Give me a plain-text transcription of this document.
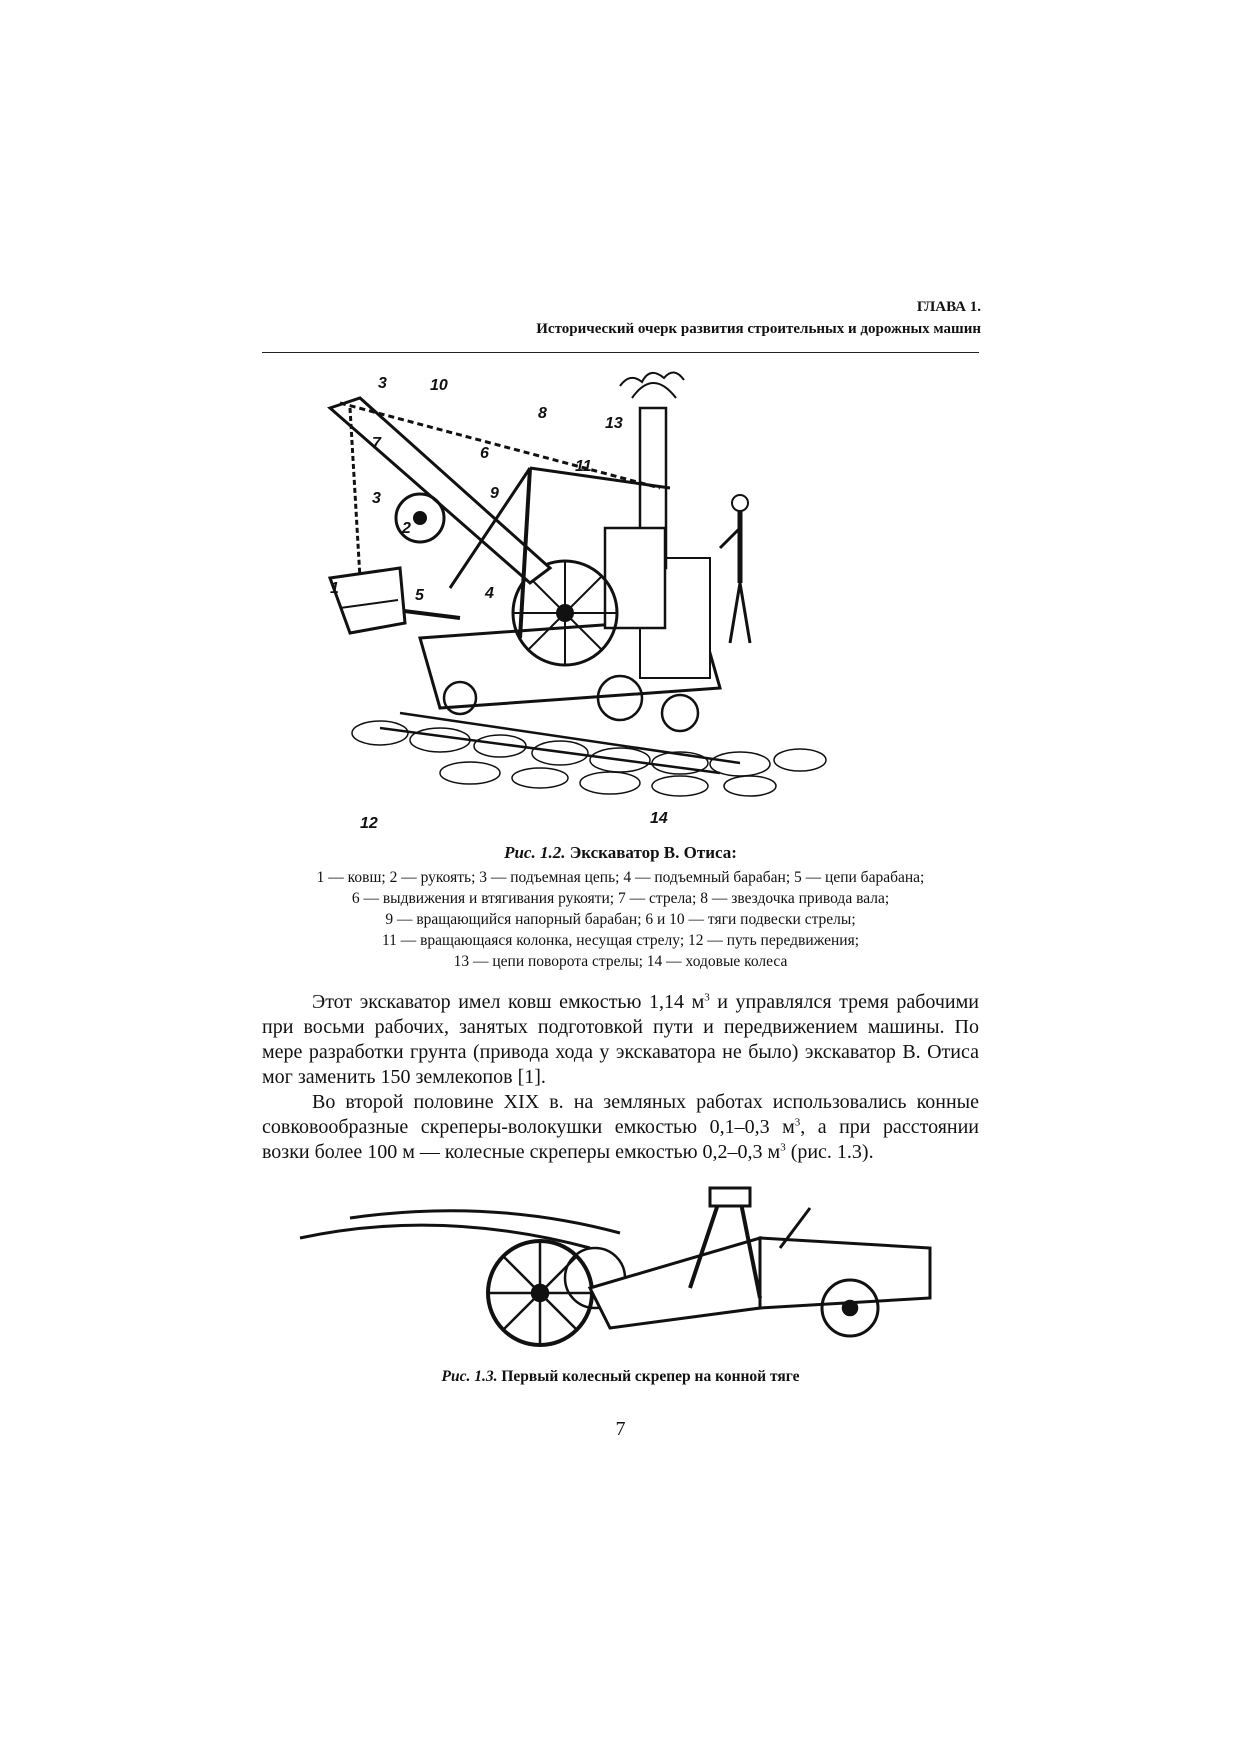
ГЛАВА 1.
Исторический очерк развития строительных и дорожных машин
1
2
3
3
4
5
6
7
8
9
10
11
12
13
14
Рис. 1.2. Экскаватор В. Отиса:
1 — ковш; 2 — рукоять; 3 — подъемная цепь; 4 — подъемный барабан; 5 — цепи барабана;
6 — выдвижения и втягивания рукояти; 7 — стрела; 8 — звездочка привода вала;
9 — вращающийся напорный барабан; 6 и 10 — тяги подвески стрелы;
11 — вращающаяся колонка, несущая стрелу; 12 — путь передвижения;
13 — цепи поворота стрелы; 14 — ходовые колеса

Этот экскаватор имел ковш емкостью 1,14 $м^3$ и управлялся тремя рабочими при восьми рабочих, занятых подготовкой пути и передвижением машины. По мере разработки грунта (привода хода у экскаватора не было) экскаватор В. Отиса мог заменить 150 землекопов [1].

Во второй половине XIX в. на земляных работах использовались конные совковообразные скреперы-волокушки емкостью 0,1–0,3 $м^3$, а при расстоянии возки более 100 м — колесные скреперы емкостью 0,2–0,3 $м^3$ (рис. 1.3).

Рис. 1.3. Первый колесный скрепер на конной тяге
7
